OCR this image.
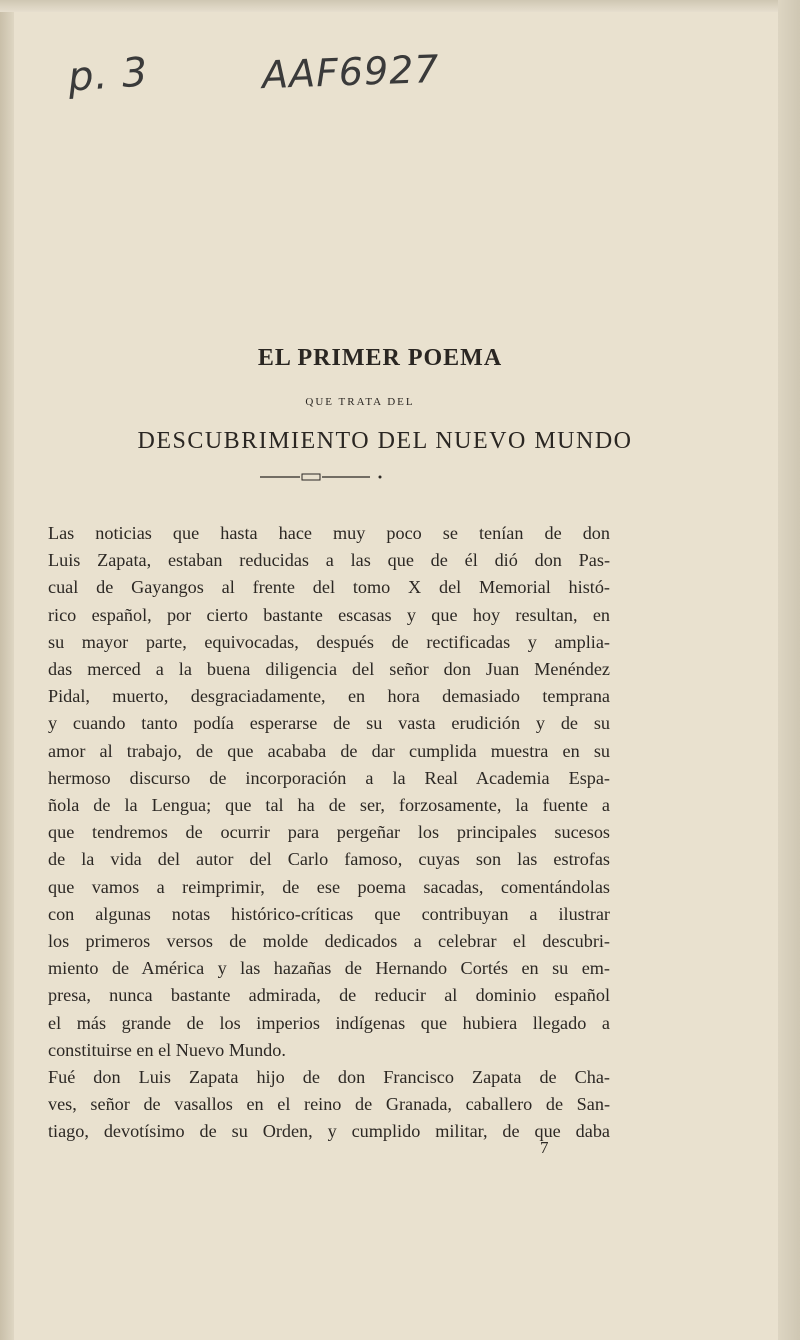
p. 3	AAF6927
EL PRIMER POEMA
QUE TRATA DEL
DESCUBRIMIENTO DEL NUEVO MUNDO
Las noticias que hasta hace muy poco se tenían de don
Luis Zapata, estaban reducidas a las que de él dió don Pas-
cual de Gayangos al frente del tomo X del Memorial histó-
rico español, por cierto bastante escasas y que hoy resultan, en
su mayor parte, equivocadas, después de rectificadas y amplia-
das merced a la buena diligencia del señor don Juan Menéndez
Pidal, muerto, desgraciadamente, en hora demasiado temprana
y cuando tanto podía esperarse de su vasta erudición y de su
amor al trabajo, de que acababa de dar cumplida muestra en su
hermoso discurso de incorporación a la Real Academia Espa-
ñola de la Lengua; que tal ha de ser, forzosamente, la fuente a
que tendremos de ocurrir para pergeñar los principales sucesos
de la vida del autor del Carlo famoso, cuyas son las estrofas
que vamos a reimprimir, de ese poema sacadas, comentándolas
con algunas notas histórico-críticas que contribuyan a ilustrar
los primeros versos de molde dedicados a celebrar el descubri-
miento de América y las hazañas de Hernando Cortés en su em-
presa, nunca bastante admirada, de reducir al dominio español
el más grande de los imperios indígenas que hubiera llegado a
constituirse en el Nuevo Mundo.
Fué don Luis Zapata hijo de don Francisco Zapata de Cha-
ves, señor de vasallos en el reino de Granada, caballero de San-
tiago, devotísimo de su Orden, y cumplido militar, de que daba
7
